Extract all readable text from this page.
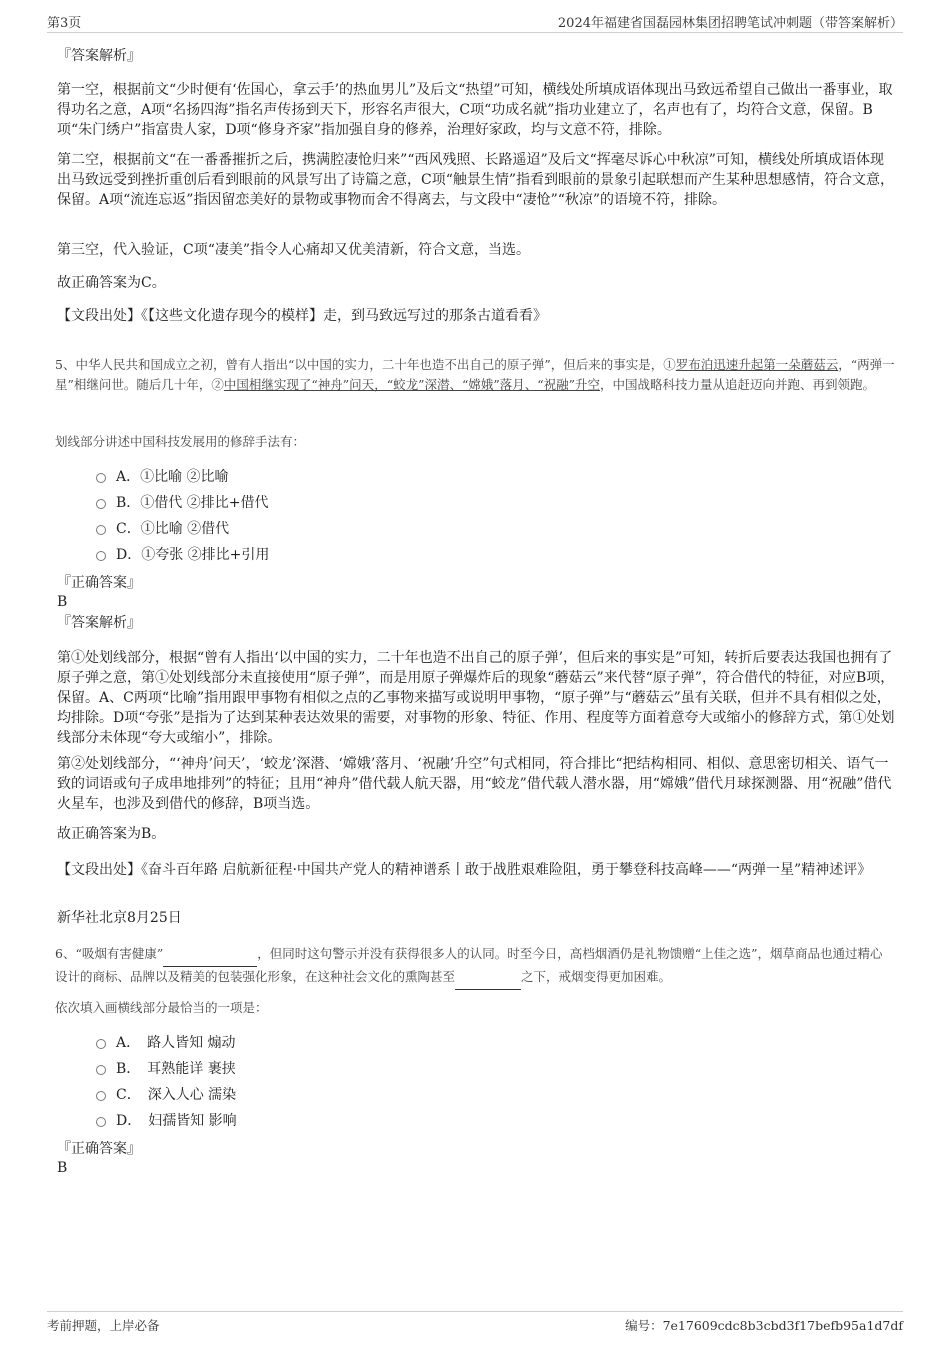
第3页	2024年福建省国磊园林集团招聘笔试冲刺题（带答案解析）
『答案解析』
第一空，根据前文“少时便有‘佐国心，拿云手’的热血男儿”及后文“热望”可知，横线处所填成语体现出马致远希望自己做出一番事业，取得功名之意，A项“名扬四海”指名声传扬到天下，形容名声很大，C项“功成名就”指功业建立了，名声也有了，均符合文意，保留。B项“朱门绣户”指富贵人家，D项“修身齐家”指加强自身的修养，治理好家政，均与文意不符，排除。
第二空，根据前文“在一番番摧折之后，携满腔凄怆归来”“西风残照、长路遥迢”及后文“挥毫尽诉心中秋凉”可知，横线处所填成语体现出马致远受到挫折重创后看到眼前的风景写出了诗篇之意，C项“触景生情”指看到眼前的景象引起联想而产生某种思想感情，符合文意，保留。A项“流连忘返”指因留恋美好的景物或事物而舍不得离去，与文段中“凄怆”“秋凉”的语境不符，排除。
第三空，代入验证，C项“凄美”指令人心痛却又优美清新，符合文意，当选。
故正确答案为C。
【文段出处】《【这些文化遗存现今的模样】走，到马致远写过的那条古道看看》
5、中华人民共和国成立之初，曾有人指出“以中国的实力，二十年也造不出自己的原子弹”，但后来的事实是，①罗布泊迅速升起第一朵蘑菇云，“两弹一星”相继问世。随后几十年，②中国相继实现了“神舟”问天，“蛟龙”深潜、“嫦娥”落月、“祝融”升空，中国战略科技力量从追赶迈向并跑、再到领跑。
划线部分讲述中国科技发展用的修辞手法有：
A．①比喻 ②比喻
B．①借代 ②排比+借代
C．①比喻 ②借代
D．①夸张 ②排比+引用
『正确答案』
B
『答案解析』
第①处划线部分，根据“曾有人指出‘以中国的实力，二十年也造不出自己的原子弹’，但后来的事实是”可知，转折后要表达我国也拥有了原子弹之意，第①处划线部分未直接使用“原子弹”，而是用原子弹爆炸后的现象“蘑菇云”来代替“原子弹”，符合借代的特征，对应B项，保留。A、C两项“比喻”指用跟甲事物有相似之点的乙事物来描写或说明甲事物，“原子弹”与“蘑菇云”虽有关联，但并不具有相似之处，均排除。D项“夸张”是指为了达到某种表达效果的需要，对事物的形象、特征、作用、程度等方面着意夸大或缩小的修辞方式，第①处划线部分未体现“夸大或缩小”，排除。
第②处划线部分，“‘神舟’问天’，‘蛟龙’深潜、‘嫦娥’落月、‘祝融’升空”句式相同，符合排比“把结构相同、相似、意思密切相关、语气一致的词语或句子成串地排列”的特征；且用“神舟”借代载人航天器，用“蛟龙”借代载人潜水器，用“嫦娥”借代月球探测器、用“祝融”借代火星车，也涉及到借代的修辞，B项当选。
故正确答案为B。
【文段出处】《奋斗百年路 启航新征程·中国共产党人的精神谱系丨敢于战胜艰难险阻，勇于攀登科技高峰——“两弹一星”精神述评》
新华社北京8月25日
6、“吸烟有害健康”	，但同时这句警示并没有获得很多人的认同。时至今日，高档烟酒仍是礼物馈赠“上佳之选”，烟草商品也通过精心设计的商标、品牌以及精美的包装强化形象，在这种社会文化的熏陶甚至	之下，戒烟变得更加困难。
依次填入画横线部分最恰当的一项是：
A．　路人皆知 煽动
B．　耳熟能详 裹挟
C．　深入人心 濡染
D．　妇孺皆知 影响
『正确答案』
B
考前押题，上岸必备	编号：7e17609cdc8b3cbd3f17befb95a1d7df
